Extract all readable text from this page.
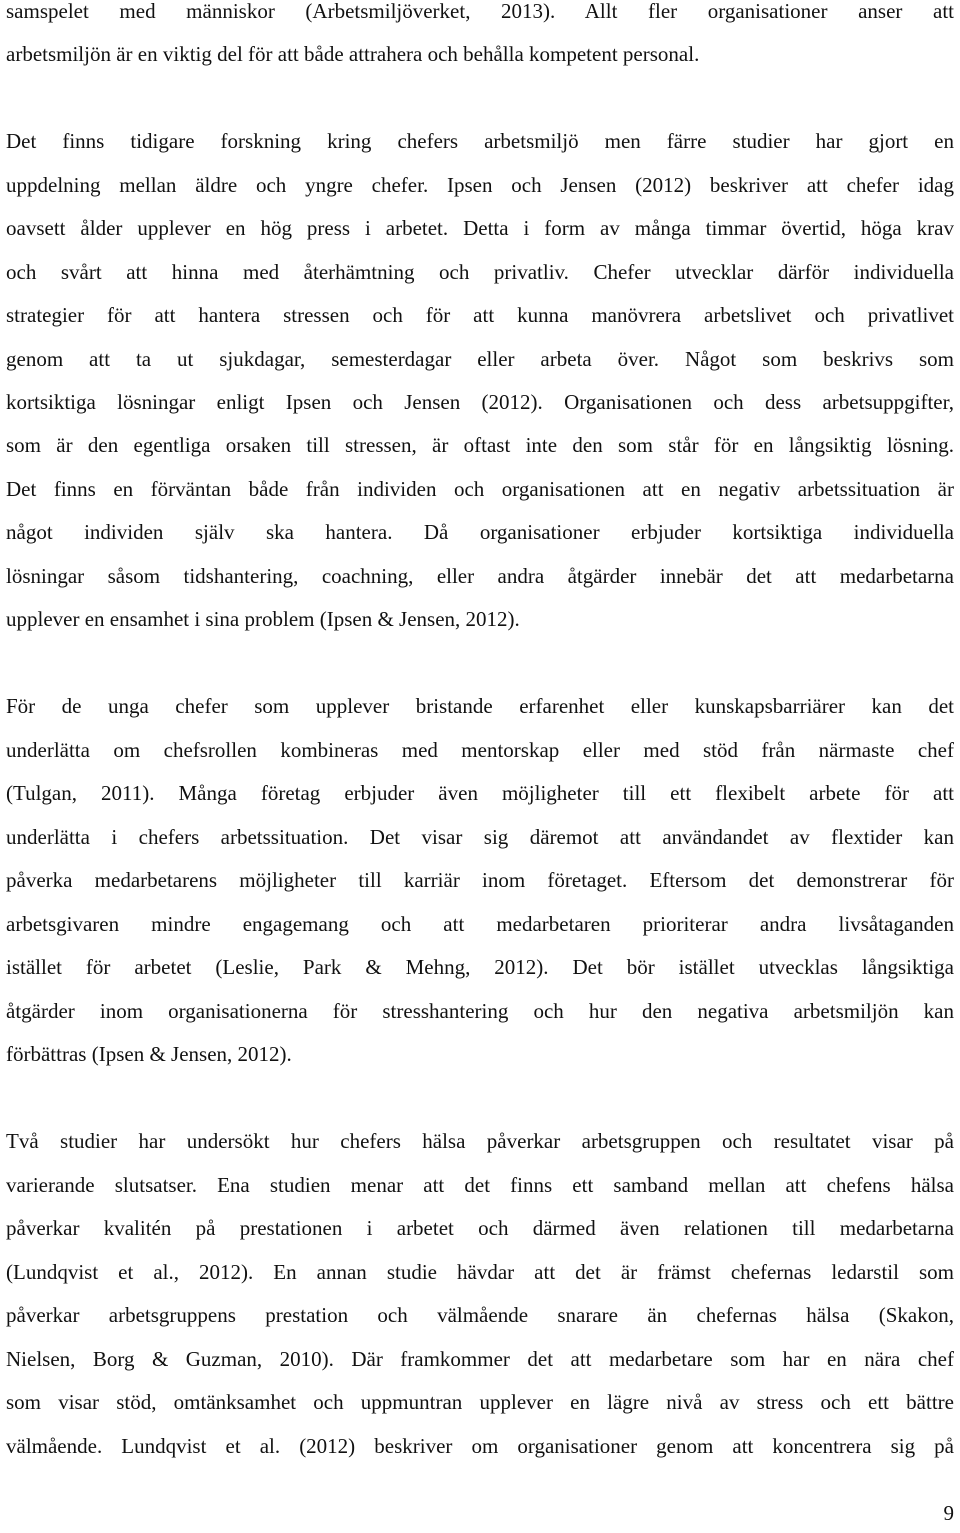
samspelet med människor (Arbetsmiljöverket, 2013). Allt fler organisationer anser att
arbetsmiljön är en viktig del för att både attrahera och behålla kompetent personal.
Det finns tidigare forskning kring chefers arbetsmiljö men färre studier har gjort en
uppdelning mellan äldre och yngre chefer. Ipsen och Jensen (2012) beskriver att chefer idag
oavsett ålder upplever en hög press i arbetet. Detta i form av många timmar övertid, höga krav
och svårt att hinna med återhämtning och privatliv. Chefer utvecklar därför individuella
strategier för att hantera stressen och för att kunna manövrera arbetslivet och privatlivet
genom att ta ut sjukdagar, semesterdagar eller arbeta över. Något som beskrivs som
kortsiktiga lösningar enligt Ipsen och Jensen (2012). Organisationen och dess arbetsuppgifter,
som är den egentliga orsaken till stressen, är oftast inte den som står för en långsiktig lösning.
Det finns en förväntan både från individen och organisationen att en negativ arbetssituation är
något individen själv ska hantera. Då organisationer erbjuder kortsiktiga individuella
lösningar såsom tidshantering, coachning, eller andra åtgärder innebär det att medarbetarna
upplever en ensamhet i sina problem (Ipsen & Jensen, 2012).
För de unga chefer som upplever bristande erfarenhet eller kunskapsbarriärer kan det
underlätta om chefsrollen kombineras med mentorskap eller med stöd från närmaste chef
(Tulgan, 2011). Många företag erbjuder även möjligheter till ett flexibelt arbete för att
underlätta i chefers arbetssituation. Det visar sig däremot att användandet av flextider kan
påverka medarbetarens möjligheter till karriär inom företaget. Eftersom det demonstrerar för
arbetsgivaren mindre engagemang och att medarbetaren prioriterar andra livsåtaganden
istället för arbetet (Leslie, Park & Mehng, 2012). Det bör istället utvecklas långsiktiga
åtgärder inom organisationerna för stresshantering och hur den negativa arbetsmiljön kan
förbättras (Ipsen & Jensen, 2012).
Två studier har undersökt hur chefers hälsa påverkar arbetsgruppen och resultatet visar på
varierande slutsatser. Ena studien menar att det finns ett samband mellan att chefens hälsa
påverkar kvalitén på prestationen i arbetet och därmed även relationen till medarbetarna
(Lundqvist et al., 2012). En annan studie hävdar att det är främst chefernas ledarstil som
påverkar arbetsgruppens prestation och välmående snarare än chefernas hälsa (Skakon,
Nielsen, Borg & Guzman, 2010). Där framkommer det att medarbetare som har en nära chef
som visar stöd, omtänksamhet och uppmuntran upplever en lägre nivå av stress och ett bättre
välmående. Lundqvist et al. (2012) beskriver om organisationer genom att koncentrera sig på
9
